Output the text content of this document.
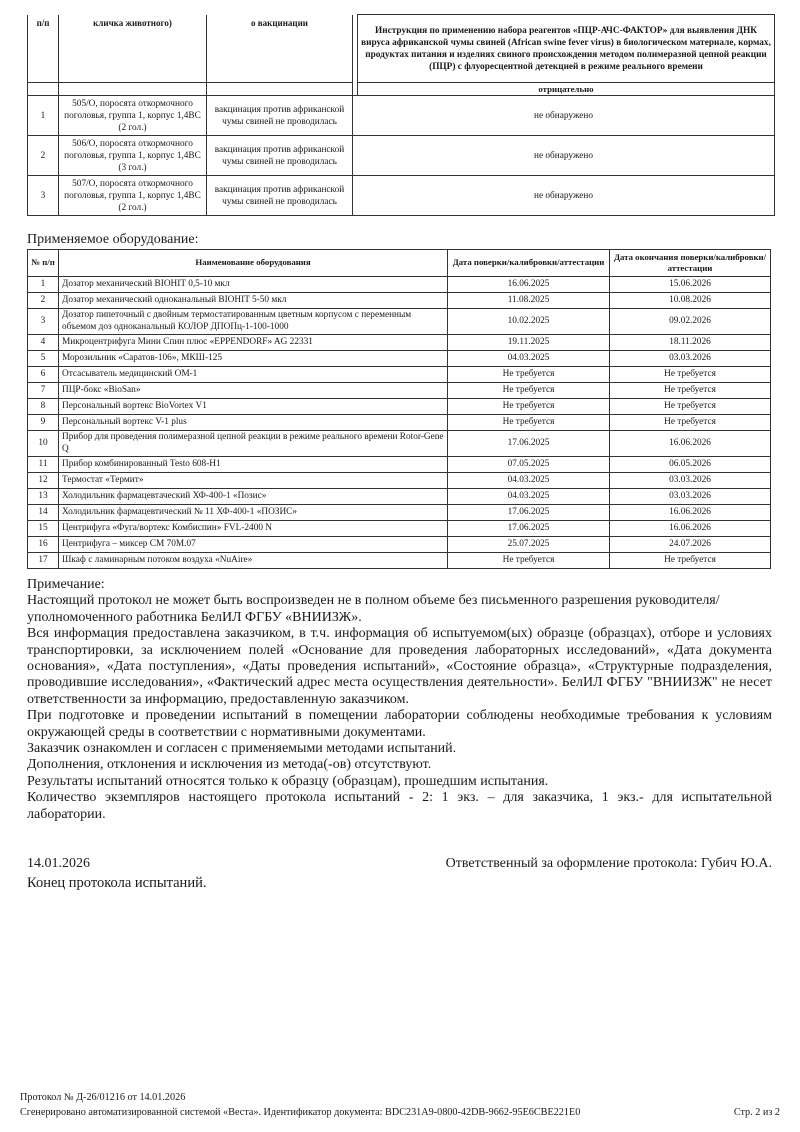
п/п	кличка животного)	о вакцинации		Инструкция по применению набора реагентов «ПЦР-АЧС-ФАКТОР» для выявления ДНК вируса африканской чумы свиней (African swine fever virus) в биологическом материале, кормах, продуктах питания и изделиях свиного происхождения методом полимеразной цепной реакции (ПЦР) с флуоресцентной детекцией в режиме реального времени	
				отрицательно	
1	505/О, поросята откормочного поголовья, группа 1, корпус 1,4ВС (2 гол.)	вакцинация против африканской чумы свиней не проводилась	не обнаружено		
2	506/О, поросята откормочного поголовья, группа 1, корпус 1,4ВС (3 гол.)	вакцинация против африканской чумы свиней не проводилась	не обнаружено		
3	507/О, поросята откормочного поголовья, группа 1, корпус 1,4ВС (2 гол.)	вакцинация против африканской чумы свиней не проводилась	не обнаружено		
Применяемое оборудование:
№ п/п	Наименование оборудования	Дата поверки/калибровки/аттестации	Дата окончания поверки/калибровки/аттестации
1	Дозатор механический BIOHIT 0,5-10 мкл	16.06.2025	15.06.2026
2	Дозатор механический одноканальный BIOHIT 5-50 мкл	11.08.2025	10.08.2026
3	Дозатор пипеточный с двойным термостатированным цветным корпусом с переменным объемом доз одноканальный КОЛОР ДПОПц-1-100-1000	10.02.2025	09.02.2026
4	Микроцентрифуга Мини Спин плюс «EPPENDORF» AG 22331	19.11.2025	18.11.2026
5	Морозильник «Саратов-106», МКШ-125	04.03.2025	03.03.2026
6	Отсасыватель медицинский ОМ-1	Не требуется	Не требуется
7	ПЦР-бокс «BioSan»	Не требуется	Не требуется
8	Персональный вортекс BioVortex V1	Не требуется	Не требуется
9	Персональный вортекс V-1 plus	Не требуется	Не требуется
10	Прибор для проведения полимеразной цепной реакции в режиме реального времени Rotor-Gene Q	17.06.2025	16.06.2026
11	Прибор комбинированный Testo 608-H1	07.05.2025	06.05.2026
12	Термостат «Термит»	04.03.2025	03.03.2026
13	Холодильник фармацевтачеcкий ХФ-400-1 «Позис»	04.03.2025	03.03.2026
14	Холодильник фармацевтический № 11 ХФ-400-1 «ПОЗИС»	17.06.2025	16.06.2026
15	Центрифуга «Фуга/вортекс Комбиспин» FVL-2400 N	17.06.2025	16.06.2026
16	Центрифуга – миксер СМ 70М.07	25.07.2025	24.07.2026
17	Шкаф с ламинарным потоком воздуха «NuAire»	Не требуется	Не требуется

Примечание:

Настоящий протокол не может быть воспроизведен не в полном объеме без письменного разрешения руководителя/уполномоченного работника БелИЛ ФГБУ «ВНИИЗЖ».

Вся информация предоставлена заказчиком, в т.ч. информация об испытуемом(ых) образце (образцах), отборе и условиях транспортировки, за исключением полей «Основание для проведения лабораторных исследований», «Дата документа основания», «Дата поступления», «Даты проведения испытаний», «Состояние образца», «Структурные подразделения, проводившие исследования», «Фактический адрес места осуществления деятельности». БелИЛ ФГБУ "ВНИИЗЖ" не несет ответственности за информацию, предоставленную заказчиком.

При подготовке и проведении испытаний в помещении лаборатории соблюдены необходимые требования к условиям окружающей среды в соответствии с нормативными документами.

Заказчик ознакомлен и согласен с применяемыми методами испытаний.

Дополнения, отклонения и исключения из метода(-ов) отсутствуют.

Результаты испытаний относятся только к образцу (образцам), прошедшим испытания.

Количество экземпляров настоящего протокола испытаний - 2: 1 экз. – для заказчика, 1 экз.- для испытательной лаборатории.

14.01.2026	Ответственный за оформление протокола: Губич Ю.А.
Конец протокола испытаний.
Протокол № Д-26/01216 от 14.01.2026
Сгенерировано автоматизированной системой «Веста». Идентификатор документа: BDC231A9-0800-42DB-9662-95E6CBE221E0	Стр. 2 из 2
